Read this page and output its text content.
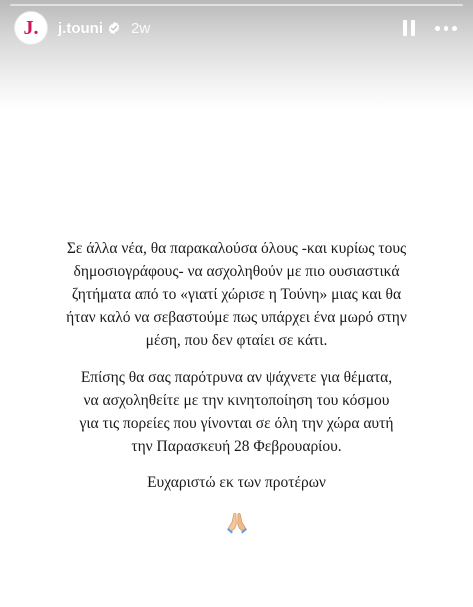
J. j.touni 2w
Σε άλλα νέα, θα παρακαλούσα όλους -και κυρίως τους
δημοσιογράφους- να ασχοληθούν με πιο ουσιαστικά
ζητήματα από το «γιατί χώρισε η Τούνη» μιας και θα
ήταν καλό να σεβαστούμε πως υπάρχει ένα μωρό στην
μέση, που δεν φταίει σε κάτι.
Επίσης θα σας παρότρυνα αν ψάχνετε για θέματα,
να ασχοληθείτε με την κινητοποίηση του κόσμου
για τις πορείες που γίνονται σε όλη την χώρα αυτή
την Παρασκευή 28 Φεβρουαρίου.
Ευχαριστώ εκ των προτέρων
